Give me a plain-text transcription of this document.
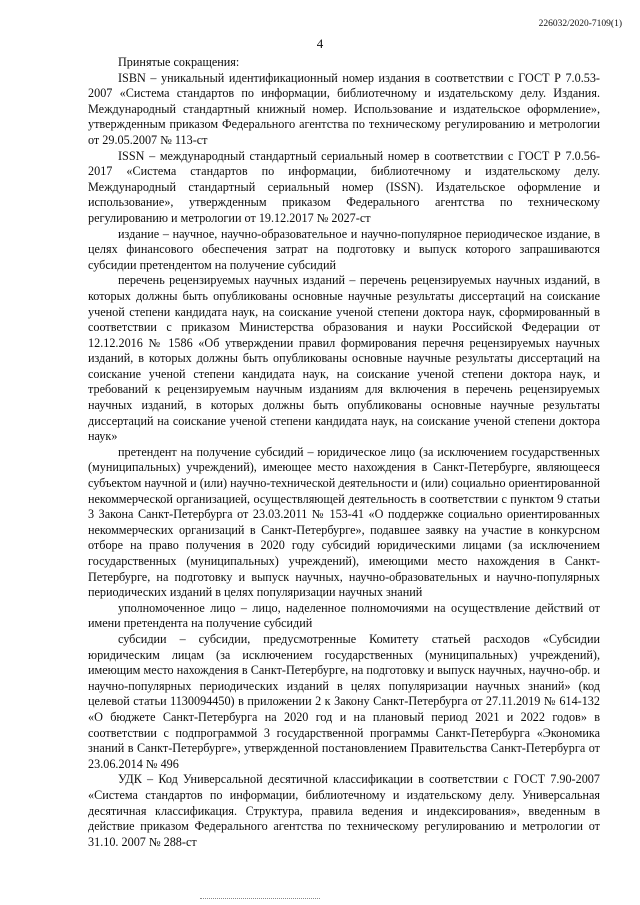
226032/2020-7109(1)
4

Принятые сокращения:

ISBN – уникальный идентификационный номер издания в соответствии с ГОСТ Р 7.0.53-2007 «Система стандартов по информации, библиотечному и издательскому делу. Издания. Международный стандартный книжный номер. Использование и издательское оформление», утвержденным приказом Федерального агентства по техническому регулированию и метрологии от 29.05.2007 № 113-ст

ISSN – международный стандартный сериальный номер в соответствии с ГОСТ Р 7.0.56-2017 «Система стандартов по информации, библиотечному и издательскому делу. Международный стандартный сериальный номер (ISSN). Издательское оформление и использование», утвержденным приказом Федерального агентства по техническому регулированию и метрологии от 19.12.2017 № 2027-ст

издание – научное, научно-образовательное и научно-популярное периодическое издание, в целях финансового обеспечения затрат на подготовку и выпуск которого запрашиваются субсидии претендентом на получение субсидий

перечень рецензируемых научных изданий – перечень рецензируемых научных изданий, в которых должны быть опубликованы основные научные результаты диссертаций на соискание ученой степени кандидата наук, на соискание ученой степени доктора наук, сформированный в соответствии с приказом Министерства образования и науки Российской Федерации от 12.12.2016 № 1586 «Об утверждении правил формирования перечня рецензируемых научных изданий, в которых должны быть опубликованы основные научные результаты диссертаций на соискание ученой степени кандидата наук, на соискание ученой степени доктора наук, и требований к рецензируемым научным изданиям для включения в перечень рецензируемых научных изданий, в которых должны быть опубликованы основные научные результаты диссертаций на соискание ученой степени кандидата наук, на соискание ученой степени доктора наук»

претендент на получение субсидий – юридическое лицо (за исключением государственных (муниципальных) учреждений), имеющее место нахождения в Санкт-Петербурге, являющееся субъектом научной и (или) научно-технической деятельности и (или) социально ориентированной некоммерческой организацией, осуществляющей деятельность в соответствии с пунктом 9 статьи 3 Закона Санкт-Петербурга от 23.03.2011 № 153-41 «О поддержке социально ориентированных некоммерческих организаций в Санкт-Петербурге», подавшее заявку на участие в конкурсном отборе на право получения в 2020 году субсидий юридическими лицами (за исключением государственных (муниципальных) учреждений), имеющими место нахождения в Санкт-Петербурге, на подготовку и выпуск научных, научно-образовательных и научно-популярных периодических изданий в целях популяризации научных знаний

уполномоченное лицо – лицо, наделенное полномочиями на осуществление действий от имени претендента на получение субсидий

субсидии – субсидии, предусмотренные Комитету статьей расходов «Субсидии юридическим лицам (за исключением государственных (муниципальных) учреждений), имеющим место нахождения в Санкт-Петербурге, на подготовку и выпуск научных, научно-обр. и научно-популярных периодических изданий в целях популяризации научных знаний» (код целевой статьи 1130094450) в приложении 2 к Закону Санкт-Петербурга от 27.11.2019 № 614-132 «О бюджете Санкт-Петербурга на 2020 год и на плановый период 2021 и 2022 годов» в соответствии с подпрограммой 3 государственной программы Санкт-Петербурга «Экономика знаний в Санкт-Петербурге», утвержденной постановлением Правительства Санкт-Петербурга от 23.06.2014 № 496

УДК – Код Универсальной десятичной классификации в соответствии с ГОСТ 7.90-2007 «Система стандартов по информации, библиотечному и издательскому делу. Универсальная десятичная классификация. Структура, правила ведения и индексирования», введенным в действие приказом Федерального агентства по техническому регулированию и метрологии от 31.10. 2007 № 288-ст
